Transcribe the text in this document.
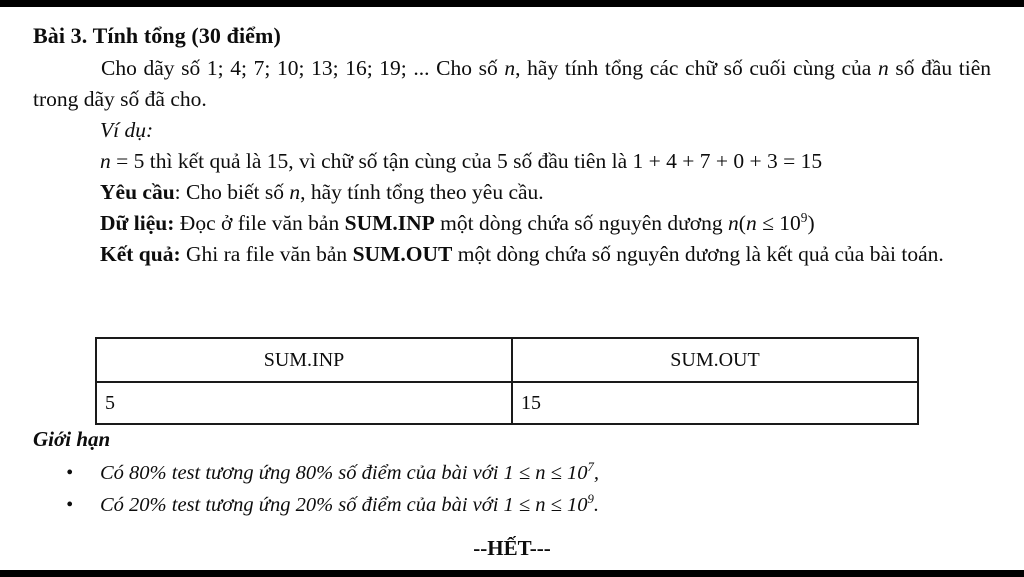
Bài 3. Tính tổng (30 điểm)

Cho dãy số 1; 4; 7; 10; 13; 16; 19; ... Cho số n, hãy tính tổng các chữ số cuối cùng của n số đầu tiên trong dãy số đã cho.

Ví dụ:

n = 5 thì kết quả là 15, vì chữ số tận cùng của 5 số đầu tiên là 1 + 4 + 7 + 0 + 3 = 15

Yêu cầu: Cho biết số n, hãy tính tổng theo yêu cầu.

Dữ liệu: Đọc ở file văn bản SUM.INP một dòng chứa số nguyên dương $n(n \le 10^9)$

Kết quả: Ghi ra file văn bản SUM.OUT một dòng chứa số nguyên dương là kết quả của bài toán.

SUM.INP	SUM.OUT
5	15

Giới hạn

• Có 80% test tương ứng 80% số điểm của bài với $1 \le n \le 10^7$,
• Có 20% test tương ứng 20% số điểm của bài với $1 \le n \le 10^9$.
--HẾT---
